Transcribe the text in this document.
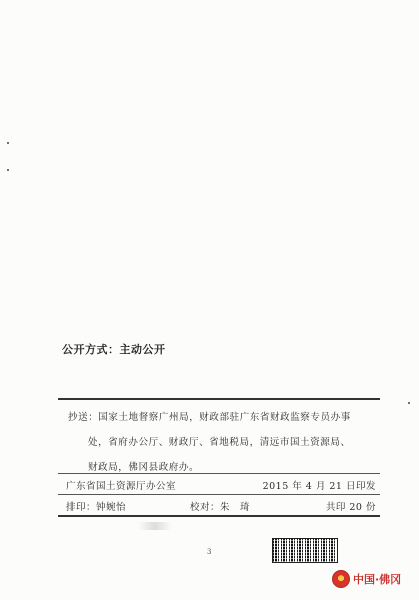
公开方式：主动公开
抄送：国家土地督察广州局，财政部驻广东省财政监察专员办事
处，省府办公厅、财政厅、省地税局，清远市国土资源局、
财政局，佛冈县政府办。
广东省国土资源厅办公室	2015 年 4 月 21 日印发
排印：钟婉怡	校对：朱　琦	共印 20 份
3
中国·佛冈
